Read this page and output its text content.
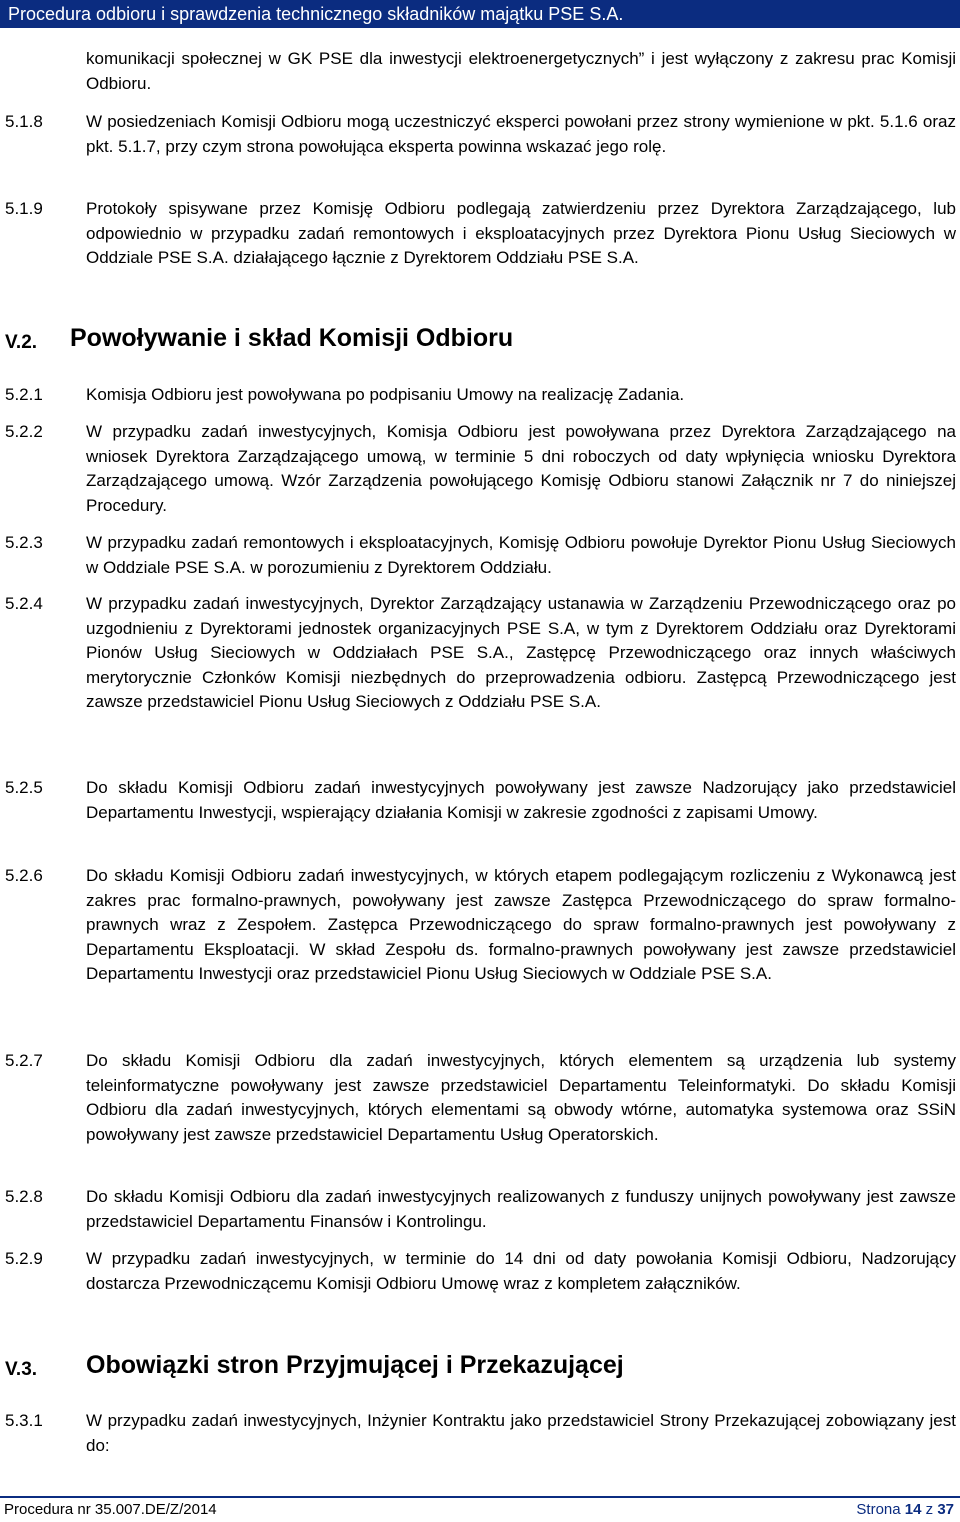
Procedura odbioru i sprawdzenia technicznego składników majątku PSE S.A.
komunikacji społecznej w GK PSE dla inwestycji elektroenergetycznych” i jest wyłączony z zakresu prac Komisji Odbioru.
5.1.8	W posiedzeniach Komisji Odbioru mogą uczestniczyć eksperci powołani przez strony wymienione w pkt. 5.1.6 oraz pkt. 5.1.7, przy czym strona powołująca eksperta powinna wskazać jego rolę.
5.1.9	Protokoły spisywane przez Komisję Odbioru podlegają zatwierdzeniu przez Dyrektora Zarządzającego, lub odpowiednio w przypadku zadań remontowych i eksploatacyjnych przez Dyrektora Pionu Usług Sieciowych w Oddziale PSE S.A. działającego łącznie z Dyrektorem Oddziału PSE S.A.
V.2. Powoływanie i skład Komisji Odbioru
5.2.1	Komisja Odbioru jest powoływana po podpisaniu Umowy na realizację Zadania.
5.2.2	W przypadku zadań inwestycyjnych, Komisja Odbioru jest powoływana przez Dyrektora Zarządzającego na wniosek Dyrektora Zarządzającego umową, w terminie 5 dni roboczych od daty wpłynięcia wniosku Dyrektora Zarządzającego umową. Wzór Zarządzenia powołującego Komisję Odbioru stanowi Załącznik nr 7 do niniejszej Procedury.
5.2.3	W przypadku zadań remontowych i eksploatacyjnych, Komisję Odbioru powołuje Dyrektor Pionu Usług Sieciowych w Oddziale PSE S.A. w porozumieniu z Dyrektorem Oddziału.
5.2.4	W przypadku zadań inwestycyjnych, Dyrektor Zarządzający ustanawia w Zarządzeniu Przewodniczącego oraz po uzgodnieniu z Dyrektorami jednostek organizacyjnych PSE S.A, w tym z Dyrektorem Oddziału oraz Dyrektorami Pionów Usług Sieciowych w Oddziałach PSE S.A., Zastępcę Przewodniczącego oraz innych właściwych merytorycznie Członków Komisji niezbędnych do przeprowadzenia odbioru. Zastępcą Przewodniczącego jest zawsze przedstawiciel Pionu Usług Sieciowych z Oddziału PSE S.A.
5.2.5	Do składu Komisji Odbioru zadań inwestycyjnych powoływany jest zawsze Nadzorujący jako przedstawiciel Departamentu Inwestycji, wspierający działania Komisji w zakresie zgodności z zapisami Umowy.
5.2.6	Do składu Komisji Odbioru zadań inwestycyjnych, w których etapem podlegającym rozliczeniu z Wykonawcą jest zakres prac formalno-prawnych, powoływany jest zawsze Zastępca Przewodniczącego do spraw formalno-prawnych wraz z Zespołem. Zastępca Przewodniczącego do spraw formalno-prawnych jest powoływany z Departamentu Eksploatacji. W skład Zespołu ds. formalno-prawnych powoływany jest zawsze przedstawiciel Departamentu Inwestycji oraz przedstawiciel Pionu Usług Sieciowych w Oddziale PSE S.A.
5.2.7	Do składu Komisji Odbioru dla zadań inwestycyjnych, których elementem są urządzenia lub systemy teleinformatyczne powoływany jest zawsze przedstawiciel Departamentu Teleinformatyki. Do składu Komisji Odbioru dla zadań inwestycyjnych, których elementami są obwody wtórne, automatyka systemowa oraz SSiN powoływany jest zawsze przedstawiciel Departamentu Usług Operatorskich.
5.2.8	Do składu Komisji Odbioru dla zadań inwestycyjnych realizowanych z funduszy unijnych powoływany jest zawsze przedstawiciel Departamentu Finansów i Kontrolingu.
5.2.9	W przypadku zadań inwestycyjnych, w terminie do 14 dni od daty powołania Komisji Odbioru, Nadzorujący dostarcza Przewodniczącemu Komisji Odbioru Umowę wraz z kompletem załączników.
V.3. Obowiązki stron Przyjmującej i Przekazującej
5.3.1	W przypadku zadań inwestycyjnych, Inżynier Kontraktu jako przedstawiciel Strony Przekazującej zobowiązany jest do:
Procedura nr 35.007.DE/Z/2014	Strona 14 z 37
